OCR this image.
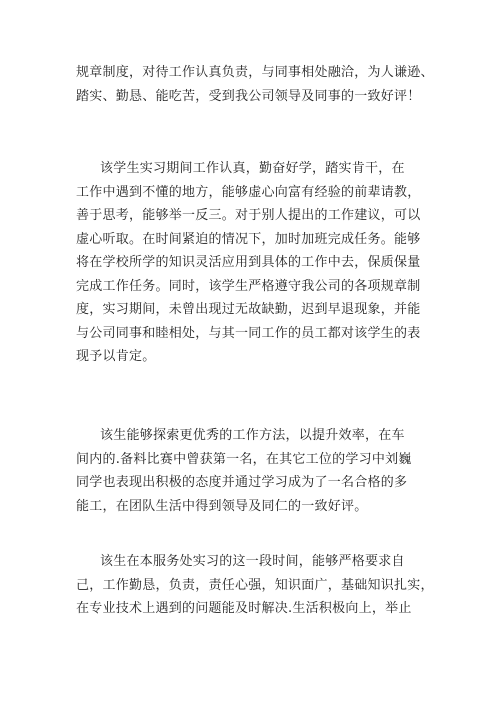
规章制度，对待工作认真负责，与同事相处融洽，为人谦逊、
踏实、勤恳、能吃苦，受到我公司领导及同事的一致好评！
该学生实习期间工作认真，勤奋好学，踏实肯干，在
工作中遇到不懂的地方，能够虚心向富有经验的前辈请教，
善于思考，能够举一反三。对于别人提出的工作建议，可以
虚心听取。在时间紧迫的情况下，加时加班完成任务。能够
将在学校所学的知识灵活应用到具体的工作中去，保质保量
完成工作任务。同时，该学生严格遵守我公司的各项规章制
度，实习期间，未曾出现过无故缺勤，迟到早退现象，并能
与公司同事和睦相处，与其一同工作的员工都对该学生的表
现予以肯定。
该生能够探索更优秀的工作方法，以提升效率，在车
间内的.备料比赛中曾获第一名，在其它工位的学习中刘巍
同学也表现出积极的态度并通过学习成为了一名合格的多
能工，在团队生活中得到领导及同仁的一致好评。
该生在本服务处实习的这一段时间，能够严格要求自
己，工作勤恳，负责，责任心强，知识面广，基础知识扎实，
在专业技术上遇到的问题能及时解决.生活积极向上，举止
